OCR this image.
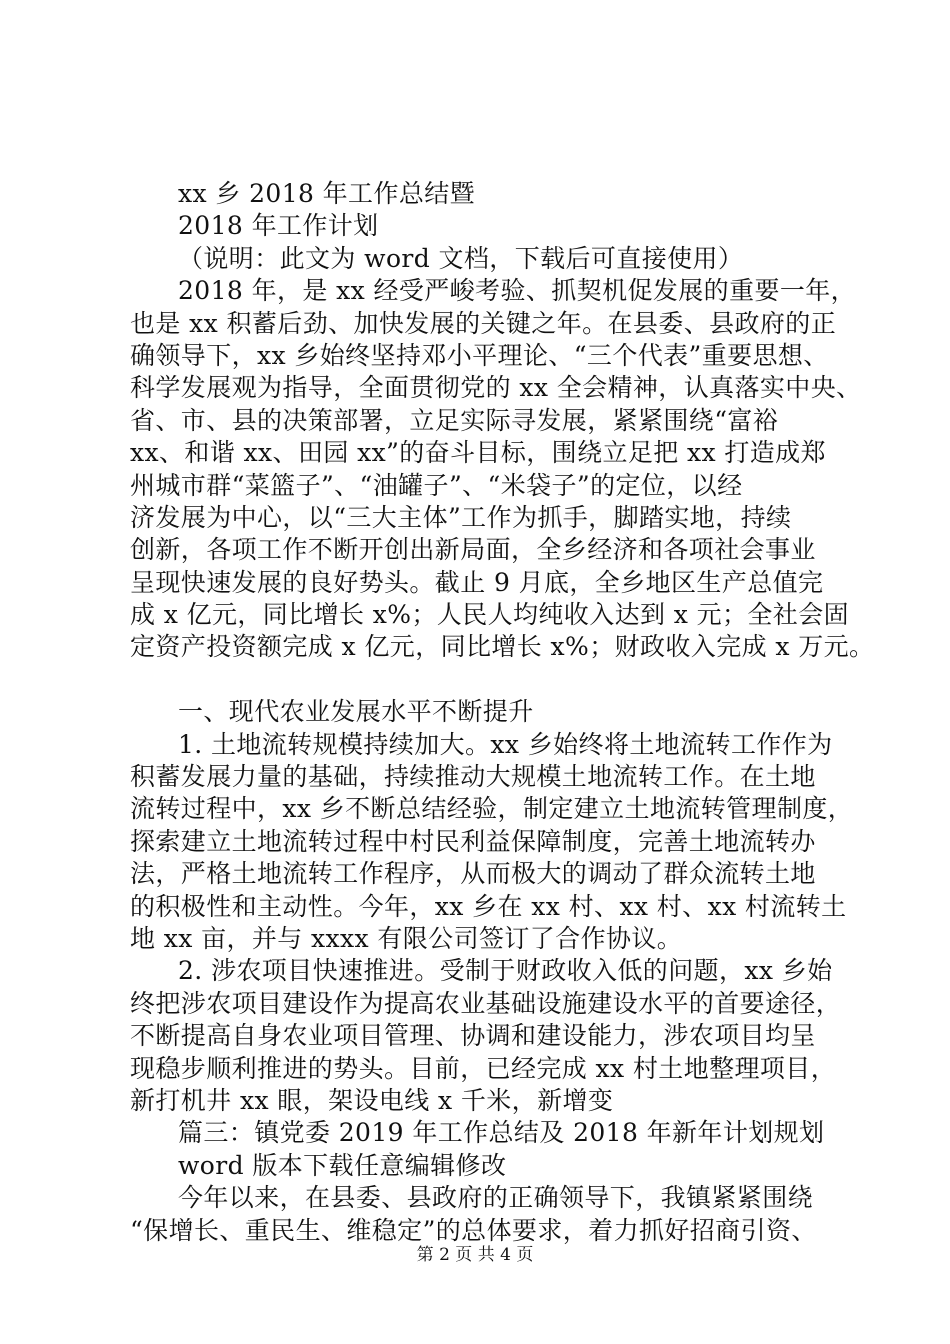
xx 乡 2018 年工作总结暨
2018 年工作计划
（说明：此文为 word 文档，下载后可直接使用）
2018 年，是 xx 经受严峻考验、抓契机促发展的重要一年，
也是 xx 积蓄后劲、加快发展的关键之年。在县委、县政府的正
确领导下，xx 乡始终坚持邓小平理论、“三个代表”重要思想、
科学发展观为指导，全面贯彻党的 xx 全会精神，认真落实中央、
省、市、县的决策部署，立足实际寻发展，紧紧围绕“富裕
xx、和谐 xx、田园 xx”的奋斗目标，围绕立足把 xx 打造成郑
州城市群“菜篮子”、“油罐子”、“米袋子”的定位，以经
济发展为中心，以“三大主体”工作为抓手，脚踏实地，持续
创新，各项工作不断开创出新局面，全乡经济和各项社会事业
呈现快速发展的良好势头。截止 9 月底，全乡地区生产总值完
成 x 亿元，同比增长 x%；人民人均纯收入达到 x 元；全社会固
定资产投资额完成 x 亿元，同比增长 x%；财政收入完成 x 万元。
一、现代农业发展水平不断提升
1. 土地流转规模持续加大。xx 乡始终将土地流转工作作为
积蓄发展力量的基础，持续推动大规模土地流转工作。在土地
流转过程中，xx 乡不断总结经验，制定建立土地流转管理制度，
探索建立土地流转过程中村民利益保障制度，完善土地流转办
法，严格土地流转工作程序，从而极大的调动了群众流转土地
的积极性和主动性。今年，xx 乡在 xx 村、xx 村、xx 村流转土
地 xx 亩，并与 xxxx 有限公司签订了合作协议。
2. 涉农项目快速推进。受制于财政收入低的问题，xx 乡始
终把涉农项目建设作为提高农业基础设施建设水平的首要途径，
不断提高自身农业项目管理、协调和建设能力，涉农项目均呈
现稳步顺利推进的势头。目前，已经完成 xx 村土地整理项目，
新打机井 xx 眼，架设电线 x 千米，新增变
篇三：镇党委 2019 年工作总结及 2018 年新年计划规划
word 版本下载任意编辑修改
今年以来，在县委、县政府的正确领导下，我镇紧紧围绕
“保增长、重民生、维稳定”的总体要求，着力抓好招商引资、
第 2 页 共 4 页
